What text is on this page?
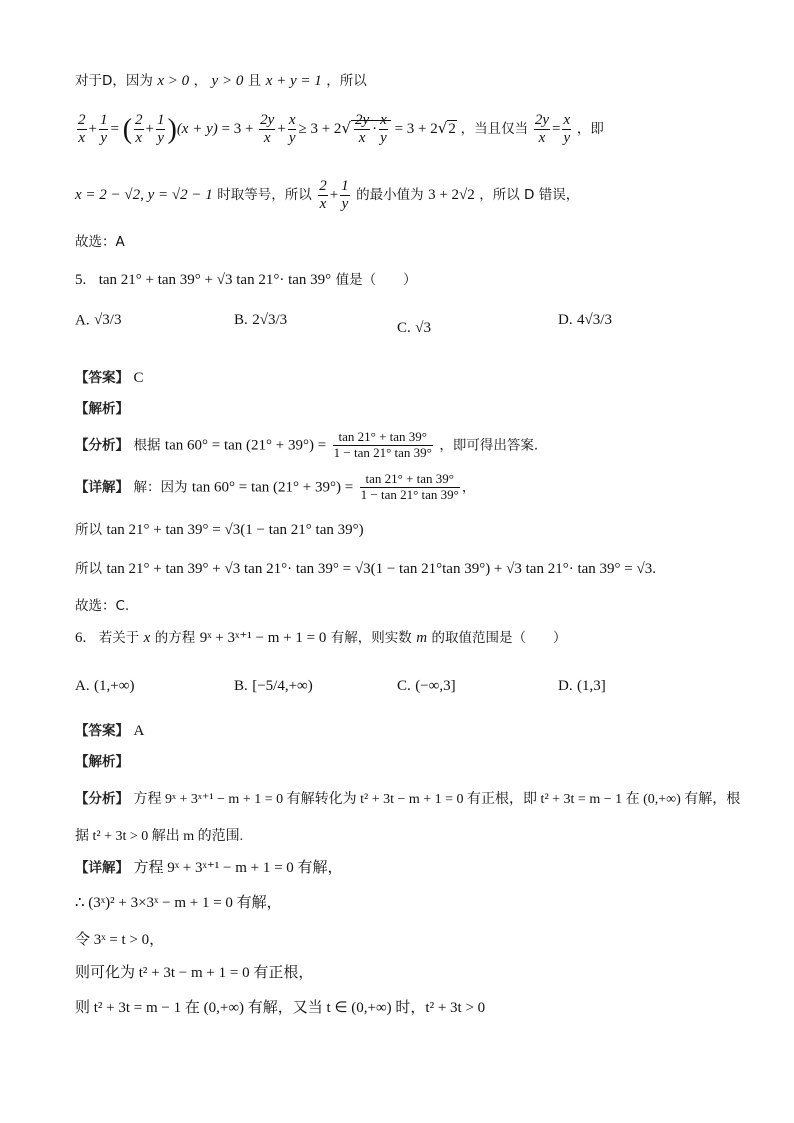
对于D，因为 x > 0 ， y > 0 且 x + y = 1 ，所以
$\frac{2}{x} + \frac{1}{y}$ = ( $\frac{2}{x} + \frac{1}{y} )(x + y) = 3 + \frac{2y}{x} + \frac{x}{y} \ge 3 + 2√ \frac{2y}{x} \cdot \frac{x}{y} = 3 + 2√2$ ，当且仅当 $\frac{2y}{x} = \frac{x}{y}$ ，即
x = 2 − √2, y = √2 − 1 时取等号，所以 $\frac{2}{x} + \frac{1}{y}$ 的最小值为 3 + 2√2 ，所以 D 错误，
故选：A
5. tan 21° + tan 39° + √3 tan 21°· tan 39° 值是（　　）
A. √3/3	B. 2√3/3	C. √3	D. 4√3/3
【答案】 C
【解析】
【分析】 根据 $\tan 60^\circ = \tan (21^\circ + 39^\circ) = \frac{\tan 21^\circ + \tan 39^\circ}{1 - \tan 21^\circ \tan 39^\circ}$ ，即可得出答案.
【详解】 解：因为 $\tan 60^\circ = \tan (21^\circ + 39^\circ) = \frac{\tan 21^\circ + \tan 39^\circ}{1 - \tan 21^\circ \tan 39^\circ}$ ，
所以 tan 21° + tan 39° = √3(1 − tan 21° tan 39°)
所以 tan 21° + tan 39° + √3 tan 21°· tan 39° = √3(1 − tan 21°tan 39°) + √3 tan 21°· tan 39° = √3.
故选：C.
6. 若关于 x 的方程 9ˣ + 3ˣ⁺¹ − m + 1 = 0 有解，则实数 m 的取值范围是（　　）
A. (1,+∞)	B. [−5/4,+∞)	C. (−∞,3]	D. (1,3]
【答案】 A
【解析】
【分析】 方程 9ˣ + 3ˣ⁺¹ − m + 1 = 0 有解转化为 t² + 3t − m + 1 = 0 有正根，即 t² + 3t = m − 1 在 (0,+∞) 有解，根
据 t² + 3t > 0 解出 m 的范围.
【详解】 方程 9ˣ + 3ˣ⁺¹ − m + 1 = 0 有解，
∴ (3ˣ)² + 3×3ˣ − m + 1 = 0 有解，
令 3ˣ = t > 0，
则可化为 t² + 3t − m + 1 = 0 有正根，
则 t² + 3t = m − 1 在 (0,+∞) 有解，又当 t ∈ (0,+∞) 时，t² + 3t > 0
